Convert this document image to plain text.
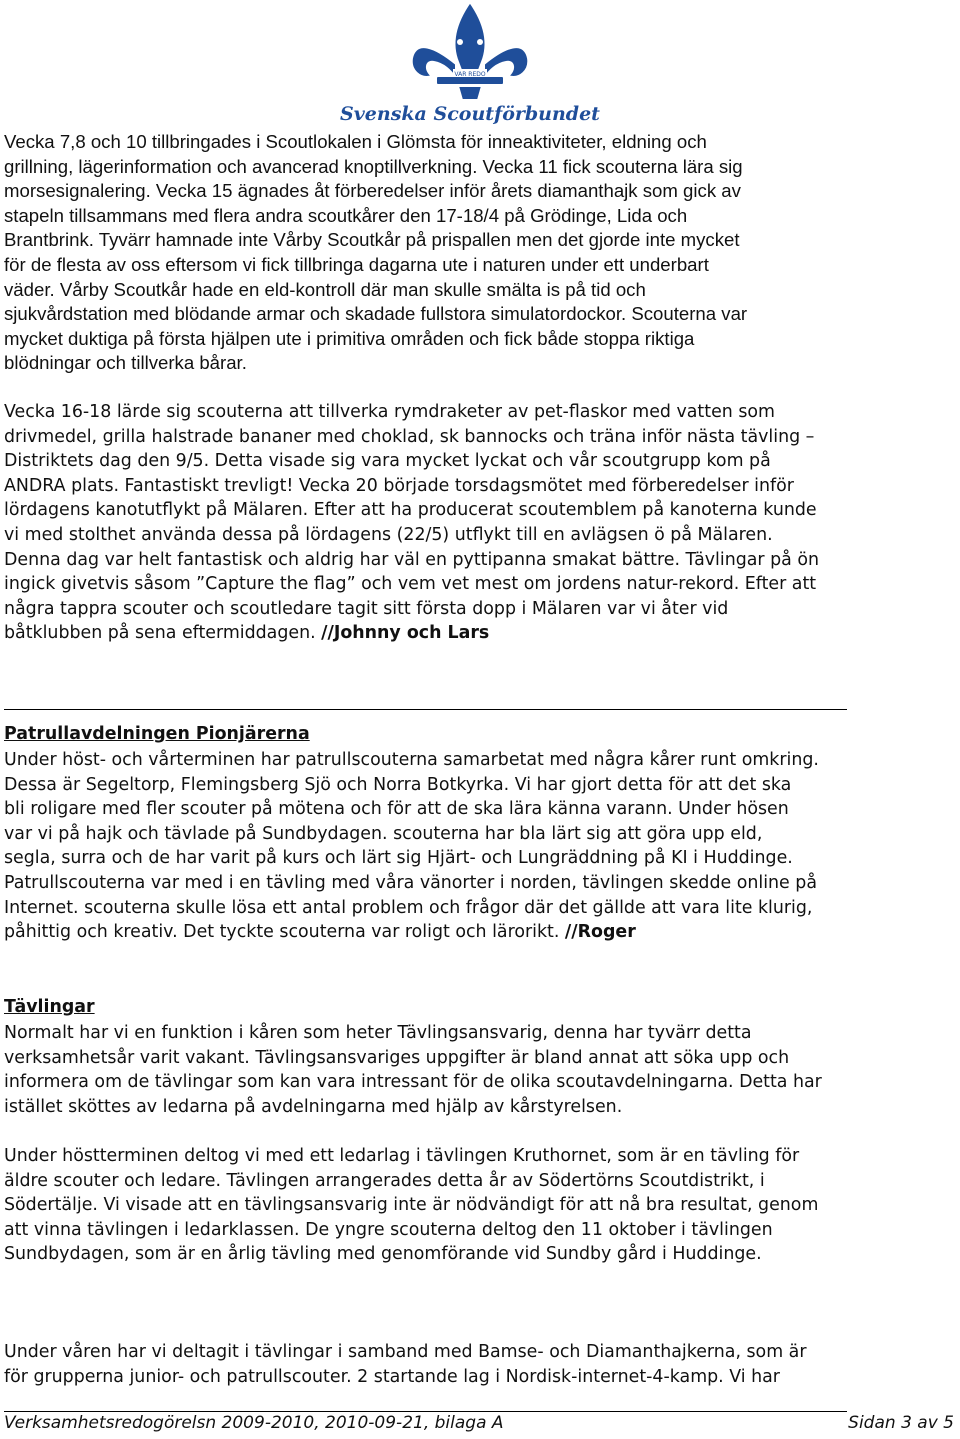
VAR REDO
Svenska Scoutförbundet
Vecka 7,8 och 10 tillbringades i Scoutlokalen i Glömsta för inneaktiviteter, eldning och
grillning, lägerinformation och avancerad knoptillverkning. Vecka 11 fick scouterna lära sig
morsesignalering. Vecka 15 ägnades åt förberedelser inför årets diamanthajk som gick av
stapeln tillsammans med flera andra scoutkårer den 17-18/4 på Grödinge, Lida och
Brantbrink. Tyvärr hamnade inte Vårby Scoutkår på prispallen men det gjorde inte mycket
för de flesta av oss eftersom vi fick tillbringa dagarna ute i naturen under ett underbart
väder. Vårby Scoutkår hade en eld-kontroll där man skulle smälta is på tid och
sjukvårdstation med blödande armar och skadade fullstora simulatordockor. Scouterna var
mycket duktiga på första hjälpen ute i primitiva områden och fick både stoppa riktiga
blödningar och tillverka bårar.
Vecka 16-18 lärde sig scouterna att tillverka rymdraketer av pet-flaskor med vatten som
drivmedel, grilla halstrade bananer med choklad, sk bannocks och träna inför nästa tävling –
Distriktets dag den 9/5. Detta visade sig vara mycket lyckat och vår scoutgrupp kom på
ANDRA plats. Fantastiskt trevligt! Vecka 20 började torsdagsmötet med förberedelser inför
lördagens kanotutflykt på Mälaren. Efter att ha producerat scoutemblem på kanoterna kunde
vi med stolthet använda dessa på lördagens (22/5) utflykt till en avlägsen ö på Mälaren.
Denna dag var helt fantastisk och aldrig har väl en pyttipanna smakat bättre. Tävlingar på ön
ingick givetvis såsom ”Capture the flag” och vem vet mest om jordens natur-rekord. Efter att
några tappra scouter och scoutledare tagit sitt första dopp i Mälaren var vi åter vid
båtklubben på sena eftermiddagen. //Johnny och Lars
Patrullavdelningen Pionjärerna
Under höst- och vårterminen har patrullscouterna samarbetat med några kårer runt omkring.
Dessa är Segeltorp, Flemingsberg Sjö och Norra Botkyrka. Vi har gjort detta för att det ska
bli roligare med fler scouter på mötena och för att de ska lära känna varann. Under hösen
var vi på hajk och tävlade på Sundbydagen. scouterna har bla lärt sig att göra upp eld,
segla, surra och de har varit på kurs och lärt sig Hjärt- och Lungräddning på KI i Huddinge.
Patrullscouterna var med i en tävling med våra vänorter i norden, tävlingen skedde online på
Internet. scouterna skulle lösa ett antal problem och frågor där det gällde att vara lite klurig,
påhittig och kreativ. Det tyckte scouterna var roligt och lärorikt. //Roger
Tävlingar
Normalt har vi en funktion i kåren som heter Tävlingsansvarig, denna har tyvärr detta
verksamhetsår varit vakant. Tävlingsansvariges uppgifter är bland annat att söka upp och
informera om de tävlingar som kan vara intressant för de olika scoutavdelningarna. Detta har
istället sköttes av ledarna på avdelningarna med hjälp av kårstyrelsen.
Under höstterminen deltog vi med ett ledarlag i tävlingen Kruthornet, som är en tävling för
äldre scouter och ledare. Tävlingen arrangerades detta år av Södertörns Scoutdistrikt, i
Södertälje. Vi visade att en tävlingsansvarig inte är nödvändigt för att nå bra resultat, genom
att vinna tävlingen i ledarklassen. De yngre scouterna deltog den 11 oktober i tävlingen
Sundbydagen, som är en årlig tävling med genomförande vid Sundby gård i Huddinge.
Under våren har vi deltagit i tävlingar i samband med Bamse- och Diamanthajkerna, som är
för grupperna junior- och patrullscouter. 2 startande lag i Nordisk-internet-4-kamp. Vi har
Verksamhetsredogörelsn 2009-2010, 2010-09-21, bilaga A	Sidan 3 av 5
